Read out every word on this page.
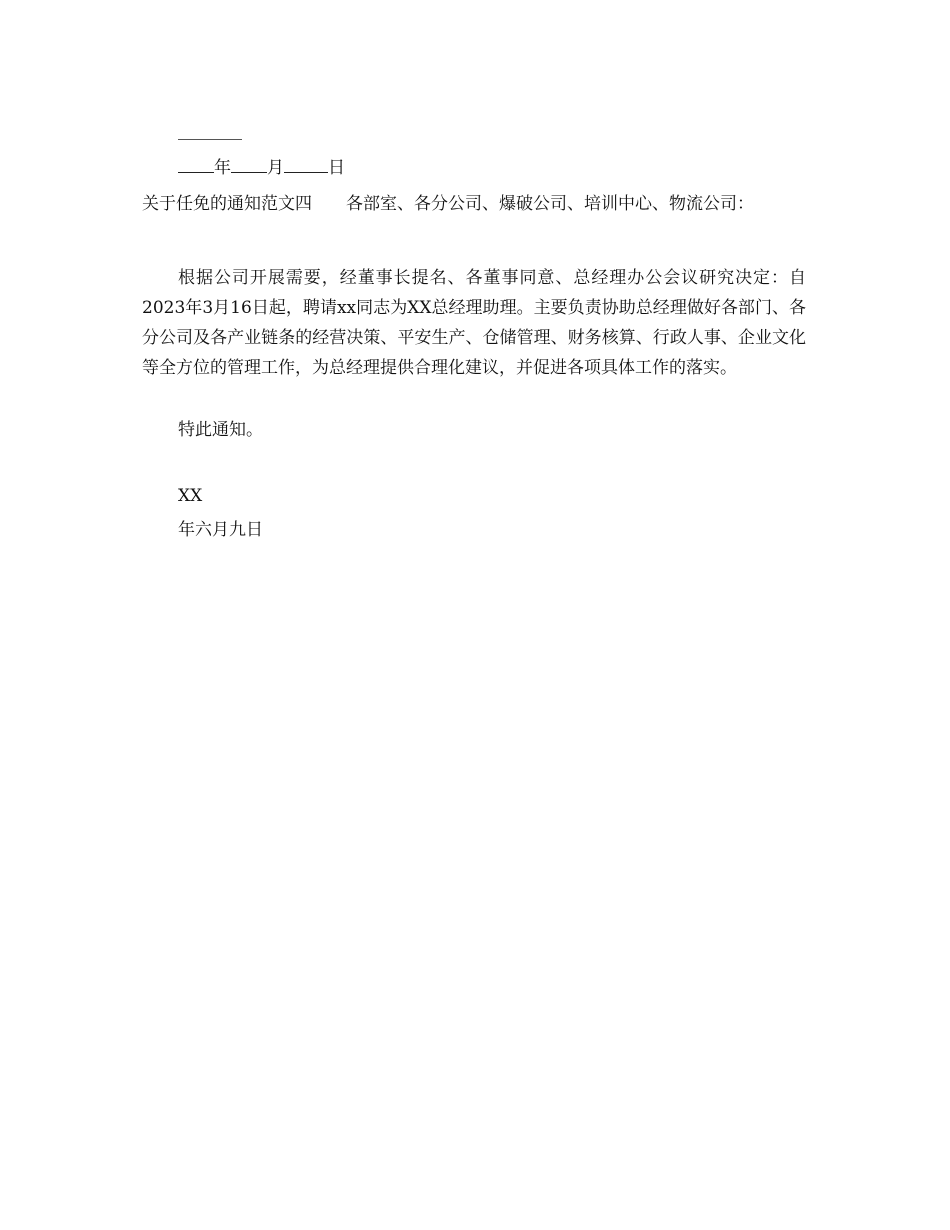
年 月	日

关于任免的通知范文四　　各部室、各分公司、爆破公司、培训中心、物流公司：

根据公司开展需要，经董事长提名、各董事同意、总经理办公会议研究决定：自2023年3月16日起，聘请xx同志为XX总经理助理。主要负责协助总经理做好各部门、各分公司及各产业链条的经营决策、平安生产、仓储管理、财务核算、行政人事、企业文化等全方位的管理工作，为总经理提供合理化建议，并促进各项具体工作的落实。

特此通知。

XX

年六月九日
